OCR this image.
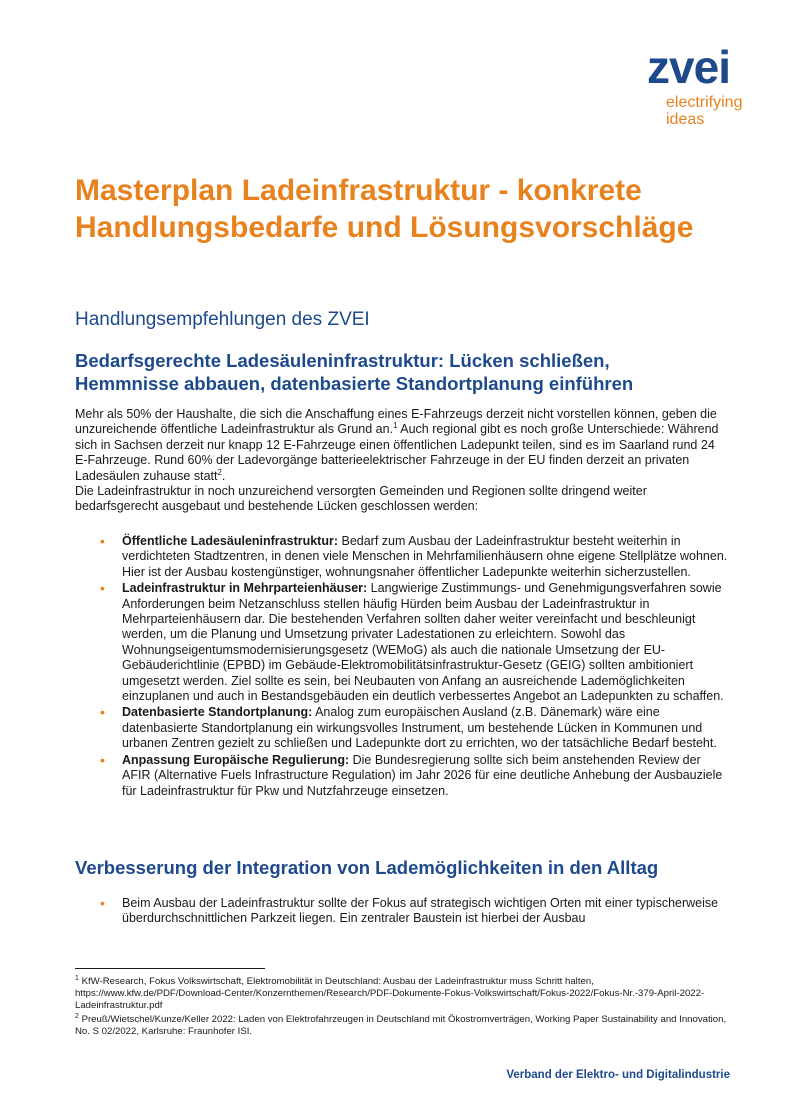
zvei
electrifying
ideas
Masterplan Ladeinfrastruktur - konkrete Handlungsbedarfe und Lösungsvorschläge
Handlungsempfehlungen des ZVEI
Bedarfsgerechte Ladesäuleninfrastruktur: Lücken schließen, Hemmnisse abbauen, datenbasierte Standortplanung einführen

Mehr als 50% der Haushalte, die sich die Anschaffung eines E-Fahrzeugs derzeit nicht vorstellen können, geben die unzureichende öffentliche Ladeinfrastruktur als Grund an.$^1$ Auch regional gibt es noch große Unterschiede: Während sich in Sachsen derzeit nur knapp 12 E-Fahrzeuge einen öffentlichen Ladepunkt teilen, sind es im Saarland rund 24 E-Fahrzeuge. Rund 60% der Ladevorgänge batterieelektrischer Fahrzeuge in der EU finden derzeit an privaten Ladesäulen zuhause statt$^2$.
Die Ladeinfrastruktur in noch unzureichend versorgten Gemeinden und Regionen sollte dringend weiter bedarfsgerecht ausgebaut und bestehende Lücken geschlossen werden:

• Öffentliche Ladesäuleninfrastruktur: Bedarf zum Ausbau der Ladeinfrastruktur besteht weiterhin in verdichteten Stadtzentren, in denen viele Menschen in Mehrfamilienhäusern ohne eigene Stellplätze wohnen. Hier ist der Ausbau kostengünstiger, wohnungsnaher öffentlicher Ladepunkte weiterhin sicherzustellen.
• Ladeinfrastruktur in Mehrparteienhäuser: Langwierige Zustimmungs- und Genehmigungsverfahren sowie Anforderungen beim Netzanschluss stellen häufig Hürden beim Ausbau der Ladeinfrastruktur in Mehrparteienhäusern dar. Die bestehenden Verfahren sollten daher weiter vereinfacht und beschleunigt werden, um die Planung und Umsetzung privater Ladestationen zu erleichtern. Sowohl das Wohnungseigentumsmodernisierungsgesetz (WEMoG) als auch die nationale Umsetzung der EU-Gebäuderichtlinie (EPBD) im Gebäude-Elektromobilitätsinfrastruktur-Gesetz (GEIG) sollten ambitioniert umgesetzt werden. Ziel sollte es sein, bei Neubauten von Anfang an ausreichende Lademöglichkeiten einzuplanen und auch in Bestandsgebäuden ein deutlich verbessertes Angebot an Ladepunkten zu schaffen.
• Datenbasierte Standortplanung: Analog zum europäischen Ausland (z.B. Dänemark) wäre eine datenbasierte Standortplanung ein wirkungsvolles Instrument, um bestehende Lücken in Kommunen und urbanen Zentren gezielt zu schließen und Ladepunkte dort zu errichten, wo der tatsächliche Bedarf besteht.
• Anpassung Europäische Regulierung: Die Bundesregierung sollte sich beim anstehenden Review der AFIR (Alternative Fuels Infrastructure Regulation) im Jahr 2026 für eine deutliche Anhebung der Ausbauziele für Ladeinfrastruktur für Pkw und Nutzfahrzeuge einsetzen.
Verbesserung der Integration von Lademöglichkeiten in den Alltag
• Beim Ausbau der Ladeinfrastruktur sollte der Fokus auf strategisch wichtigen Orten mit einer typischerweise überdurchschnittlichen Parkzeit liegen. Ein zentraler Baustein ist hierbei der Ausbau

$^1$ KfW-Research, Fokus Volkswirtschaft, Elektromobilität in Deutschland: Ausbau der Ladeinfrastruktur muss Schritt halten, https://www.kfw.de/PDF/Download-Center/Konzernthemen/Research/PDF-Dokumente-Fokus-Volkswirtschaft/Fokus-2022/Fokus-Nr.-379-April-2022-Ladeinfrastruktur.pdf

$^2$ Preuß/Wietschel/Kunze/Keller 2022: Laden von Elektrofahrzeugen in Deutschland mit Ökostromverträgen, Working Paper Sustainability and Innovation, No. S 02/2022, Karlsruhe: Fraunhofer ISI.

Verband der Elektro- und Digitalindustrie
